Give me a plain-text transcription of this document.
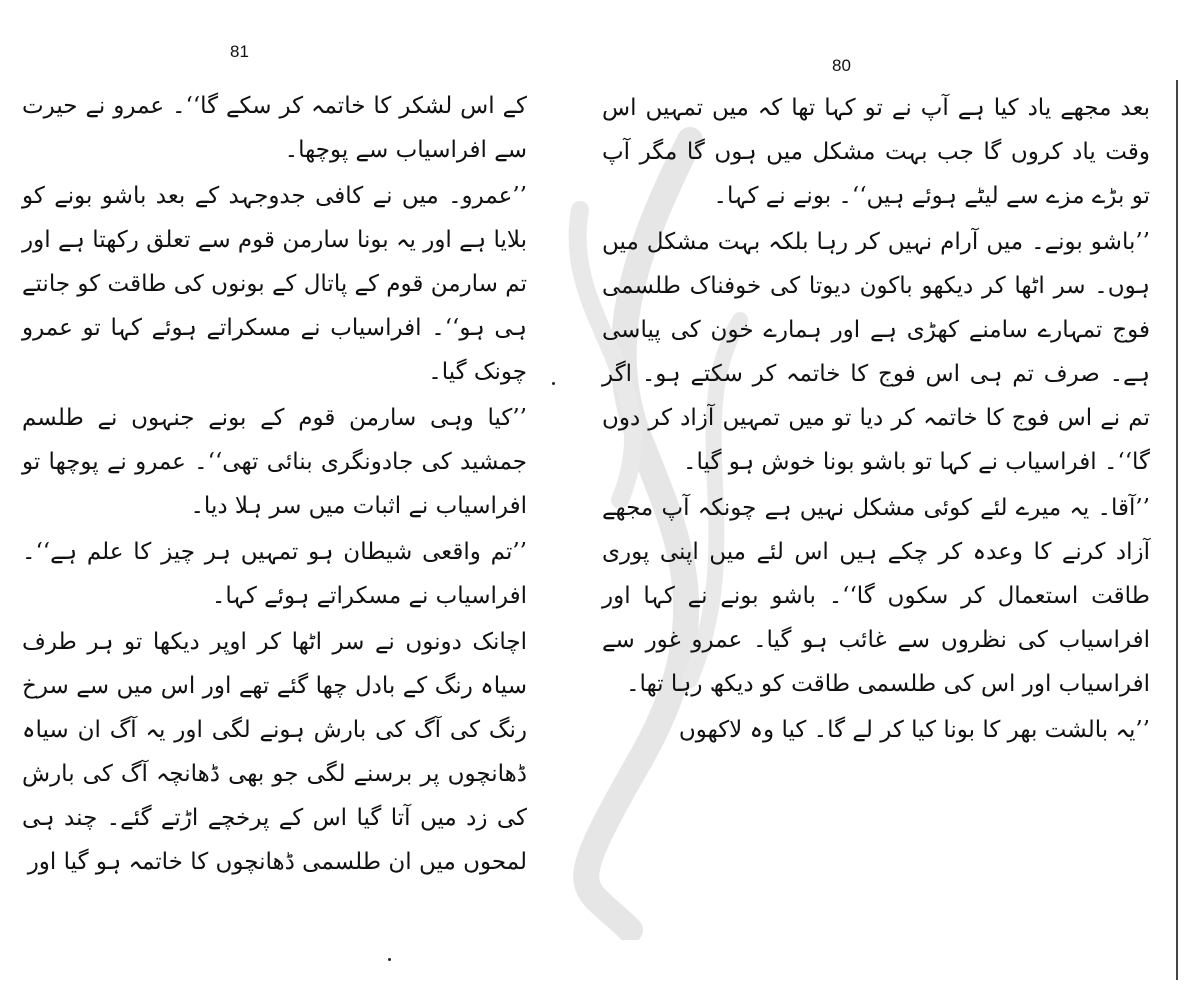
81

کے اس لشکر کا خاتمہ کر سکے گا‘‘۔ عمرو نے حیرت سے افراسیاب سے پوچھا۔

’’عمرو۔ میں نے کافی جدوجہد کے بعد باشو بونے کو بلایا ہے اور یہ بونا سارمن قوم سے تعلق رکھتا ہے اور تم سارمن قوم کے پاتال کے بونوں کی طاقت کو جانتے ہی ہو‘‘۔ افراسیاب نے مسکراتے ہوئے کہا تو عمرو چونک گیا۔

’’کیا وہی سارمن قوم کے بونے جنہوں نے طلسم جمشید کی جادونگری بنائی تھی‘‘۔ عمرو نے پوچھا تو افراسیاب نے اثبات میں سر ہلا دیا۔

’’تم واقعی شیطان ہو تمہیں ہر چیز کا علم ہے‘‘۔ افراسیاب نے مسکراتے ہوئے کہا۔

اچانک دونوں نے سر اٹھا کر اوپر دیکھا تو ہر طرف سیاہ رنگ کے بادل چھا گئے تھے اور اس میں سے سرخ رنگ کی آگ کی بارش ہونے لگی اور یہ آگ ان سیاہ ڈھانچوں پر برسنے لگی جو بھی ڈھانچہ آگ کی بارش کی زد میں آتا گیا اس کے پرخچے اڑتے گئے۔ چند ہی لمحوں میں ان طلسمی ڈھانچوں کا خاتمہ ہو گیا اور

80

بعد مجھے یاد کیا ہے آپ نے تو کہا تھا کہ میں تمہیں اس وقت یاد کروں گا جب بہت مشکل میں ہوں گا مگر آپ تو بڑے مزے سے لیٹے ہوئے ہیں‘‘۔ بونے نے کہا۔

’’باشو بونے۔ میں آرام نہیں کر رہا بلکہ بہت مشکل میں ہوں۔ سر اٹھا کر دیکھو باکون دیوتا کی خوفناک طلسمی فوج تمہارے سامنے کھڑی ہے اور ہمارے خون کی پیاسی ہے۔ صرف تم ہی اس فوج کا خاتمہ کر سکتے ہو۔ اگر تم نے اس فوج کا خاتمہ کر دیا تو میں تمہیں آزاد کر دوں گا‘‘۔ افراسیاب نے کہا تو باشو بونا خوش ہو گیا۔

’’آقا۔ یہ میرے لئے کوئی مشکل نہیں ہے چونکہ آپ مجھے آزاد کرنے کا وعدہ کر چکے ہیں اس لئے میں اپنی پوری طاقت استعمال کر سکوں گا‘‘۔ باشو بونے نے کہا اور افراسیاب کی نظروں سے غائب ہو گیا۔ عمرو غور سے افراسیاب اور اس کی طلسمی طاقت کو دیکھ رہا تھا۔

’’یہ بالشت بھر کا بونا کیا کر لے گا۔ کیا وہ لاکھوں
